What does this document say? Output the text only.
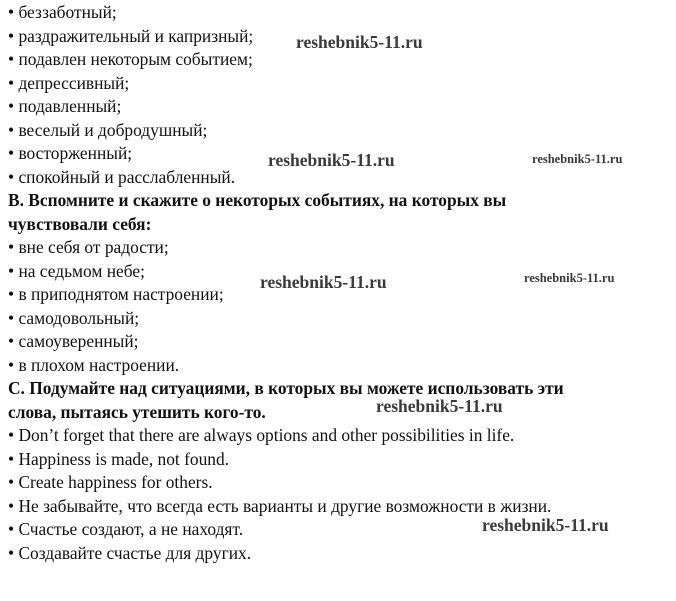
• беззаботный;
• раздражительный и капризный;
• подавлен некоторым событием;
• депрессивный;
• подавленный;
• веселый и добродушный;
• восторженный;
• спокойный и расслабленный.
B. Вспомните и скажите о некоторых событиях, на которых вы
чувствовали себя:
• вне себя от радости;
• на седьмом небе;
• в приподнятом настроении;
• самодовольный;
• самоуверенный;
• в плохом настроении.
C. Подумайте над ситуациями, в которых вы можете использовать эти
слова, пытаясь утешить кого-то.
• Don’t forget that there are always options and other possibilities in life.
• Happiness is made, not found.
• Create happiness for others.
• Не забывайте, что всегда есть варианты и другие возможности в жизни.
• Счастье создают, а не находят.
• Создавайте счастье для других.
reshebnik5-11.ru
reshebnik5-11.ru	reshebnik5-11.ru
reshebnik5-11.ru	reshebnik5-11.ru
reshebnik5-11.ru
reshebnik5-11.ru
